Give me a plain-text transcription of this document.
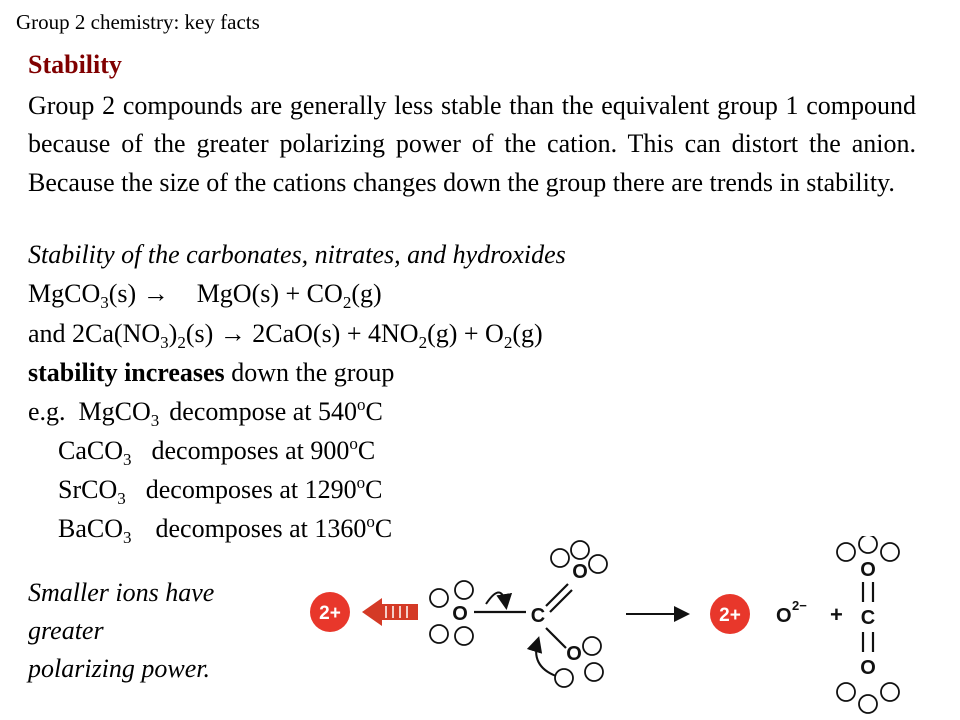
Group 2 chemistry: key facts
Stability
Group 2 compounds are generally less stable than the equivalent group 1 compound because of the greater polarizing power of the cation. This can distort the anion. Because the size of the cations changes down the group there are trends in stability.
Stability of the carbonates, nitrates, and hydroxides
MgCO$_3$(s) → $MgO(s) + CO_2(g)$
and $2Ca(NO_3)_2(s) \to 2CaO(s) + 4NO_2(g) + O_2(g)$
stability increases down the group
e.g.  MgCO$_3$ decompose at 540$^o$C
CaCO$_3$ decomposes at 900$^o$C
SrCO$_3$ decomposes at 1290$^o$C
BaCO$_3$ decomposes at 1360$^o$C
Smaller ions have
greater
polarizing power.
2+	O	C
O
O
2+ O 2− +
O
C
O
